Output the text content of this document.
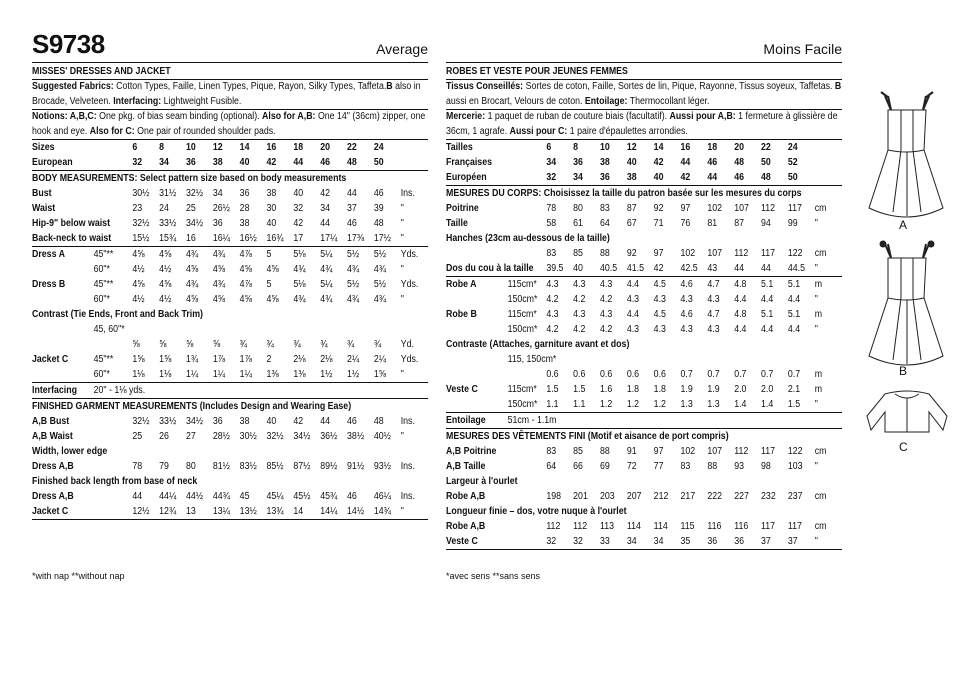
S9738	Average
MISSES' DRESSES AND JACKET
Suggested Fabrics: Cotton Types, Faille, Linen Types, Pique, Rayon, Silky Types, Taffeta.B also in Brocade, Velveteen. Interfacing: Lightweight Fusible.
Notions: A,B,C: One pkg. of bias seam binding (optional). Also for A,B: One 14" (36cm) zipper, one hook and eye. Also for C: One pair of rounded shoulder pads.
Sizes	6	8	10	12	14	16	18	20	22	24	
European	32	34	36	38	40	42	44	46	48	50	
BODY MEASUREMENTS: Select pattern size based on body measurements
Bust	30½	31½	32½	34	36	38	40	42	44	46	Ins.
Waist	23	24	25	26½	28	30	32	34	37	39	"
Hip-9" below waist	32½	33½	34½	36	38	40	42	44	46	48	"
Back-neck to waist	15½	15¾	16	16¼	16½	16¾	17	17¼	17⅜	17½	"
Dress A	45"**	4⅝	4⅝	4¾	4¾	4⅞	5	5⅛	5¼	5½	5½	Yds.
	60"*	4½	4½	4⅝	4⅝	4⅝	4⅝	4¾	4¾	4¾	4¾	"
Dress B	45"**	4⅝	4⅝	4¾	4¾	4⅞	5	5⅛	5¼	5½	5½	Yds.
	60"*	4½	4½	4⅝	4⅝	4⅝	4⅝	4¾	4¾	4¾	4¾	"
Contrast (Tie Ends, Front and Back Trim)
	45, 60"*											
		⅝	⅝	⅝	⅝	¾	¾	¾	¾	¾	¾	Yd.
Jacket C	45"**	1⅝	1⅝	1¾	1⅞	1⅞	2	2⅛	2⅛	2¼	2¼	Yds.
	60"*	1⅛	1⅛	1¼	1¼	1¼	1⅜	1⅜	1½	1½	1⅝	"
Interfacing	20" - 1⅛ yds.
FINISHED GARMENT MEASUREMENTS (Includes Design and Wearing Ease)
A,B Bust	32½	33½	34½	36	38	40	42	44	46	48	Ins.
A,B Waist	25	26	27	28½	30½	32½	34½	36½	38½	40½	"
Width, lower edge
Dress A,B	78	79	80	81½	83½	85½	87½	89½	91½	93½	Ins.
Finished back length from base of neck
Dress A,B	44	44¼	44½	44¾	45	45¼	45½	45¾	46	46¼	Ins.
Jacket C	12½	12¾	13	13¼	13½	13¾	14	14¼	14½	14¾	"
*with nap **without nap
Moins Facile
ROBES ET VESTE POUR JEUNES FEMMES
Tissus Conseillés: Sortes de coton, Faille, Sortes de lin, Pique, Rayonne, Tissus soyeux, Taffetas. B aussi en Brocart, Velours de coton. Entoilage: Thermocollant léger.
Mercerie: 1 paquet de ruban de couture biais (facultatif). Aussi pour A,B: 1 fermeture à glissière de 36cm, 1 agrafe. Aussi pour C: 1 paire d'épaulettes arrondies.
Tailles	6	8	10	12	14	16	18	20	22	24	
Françaises	34	36	38	40	42	44	46	48	50	52	
Européen	32	34	36	38	40	42	44	46	48	50	
MESURES DU CORPS: Choisissez la taille du patron basée sur les mesures du corps
Poitrine	78	80	83	87	92	97	102	107	112	117	cm
Taille	58	61	64	67	71	76	81	87	94	99	"
Hanches (23cm au-dessous de la taille)
	83	85	88	92	97	102	107	112	117	122	cm
Dos du cou à la taille	39.5	40	40.5	41.5	42	42.5	43	44	44	44.5	"
Robe A	115cm*	4.3	4.3	4.3	4.4	4.5	4.6	4.7	4.8	5.1	5.1	m
	150cm*	4.2	4.2	4.2	4.3	4.3	4.3	4.3	4.4	4.4	4.4	"
Robe B	115cm*	4.3	4.3	4.3	4.4	4.5	4.6	4.7	4.8	5.1	5.1	m
	150cm*	4.2	4.2	4.2	4.3	4.3	4.3	4.3	4.4	4.4	4.4	"
Contraste (Attaches, garniture avant et dos)
	115, 150cm*											
		0.6	0.6	0.6	0.6	0.6	0.7	0.7	0.7	0.7	0.7	m
Veste C	115cm*	1.5	1.5	1.6	1.8	1.8	1.9	1.9	2.0	2.0	2.1	m
	150cm*	1.1	1.1	1.2	1.2	1.2	1.3	1.3	1.4	1.4	1.5	"
Entoilage	51cm - 1.1m
MESURES DES VÊTEMENTS FINI (Motif et aisance de port compris)
A,B Poitrine	83	85	88	91	97	102	107	112	117	122	cm
A,B Taille	64	66	69	72	77	83	88	93	98	103	"
Largeur à l'ourlet
Robe A,B	198	201	203	207	212	217	222	227	232	237	cm
Longueur finie – dos, votre nuque à l'ourlet
Robe A,B	112	112	113	114	114	115	116	116	117	117	cm
Veste C	32	32	33	34	34	35	36	36	37	37	"
*avec sens **sans sens
A
B
C
